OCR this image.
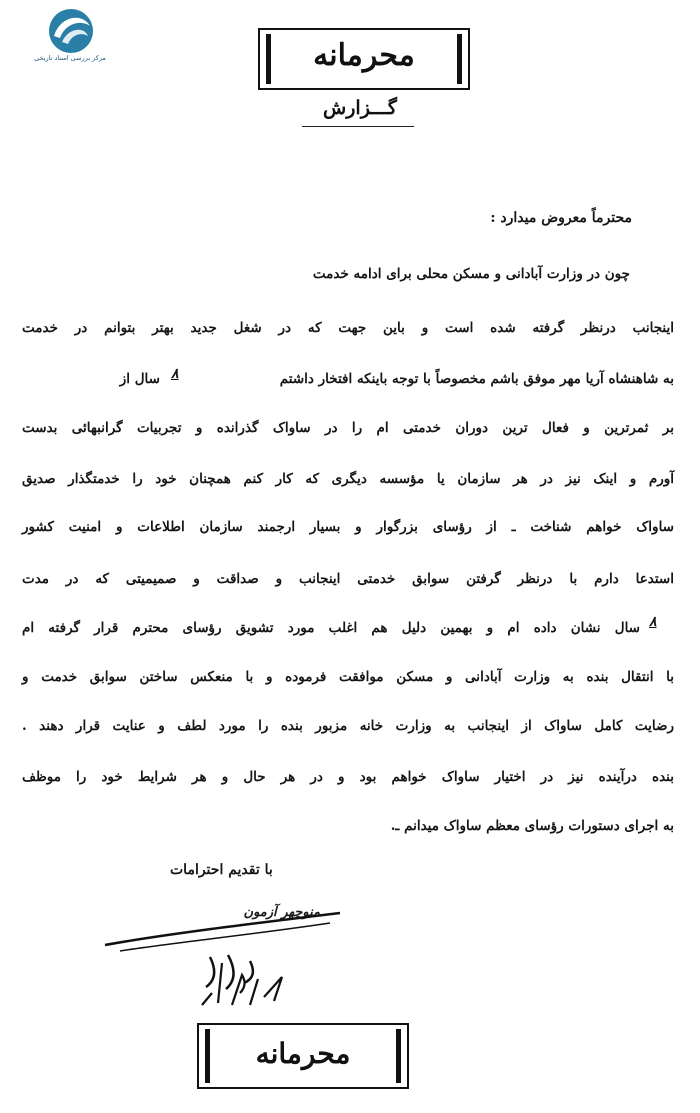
مرکز بررسی اسناد تاریخی	محرمانه
گـــزارش
محترماً معروض میدارد :
چون در وزارت آبادانی و مسکن محلی برای ادامه خدمت
اینجانب درنظر گرفته شده است و باین جهت که در شغل جدید بهتر بتوانم در خدمت
به شاهنشاه آریا مهر موفق باشم مخصوصاً با توجه باینکه افتخار داشتم
۸
سال از
بر ثمرترین و فعال ترین دوران خدمتی ام را در ساواک گذرانده و تجربیات گرانبهائی بدست
آورم و اینک نیز در هر سازمان یا مؤسسه دیگری که کار کنم همچنان خود را خدمتگذار صدیق
ساواک خواهم شناخت ـ از رؤسای بزرگوار و بسیار ارجمند سازمان اطلاعات و امنیت کشور
استدعا دارم با درنظر گرفتن سوابق خدمتی اینجانب و صداقت و صمیمیتی که در مدت
۸
سال نشان داده ام و بهمین دلیل هم اغلب مورد تشویق رؤسای محترم قرار گرفته ام
با انتقال بنده به وزارت آبادانی و مسکن موافقت فرموده و با منعکس ساختن سوابق خدمت و
رضایت کامل ساواک از اینجانب به وزارت خانه مزبور بنده را مورد لطف و عنایت قرار دهند .
بنده درآینده نیز در اختیار ساواک خواهم بود و در هر حال و هر شرایط خود را موظف
به اجرای دستورات رؤسای معظم ساواک میدانم ـ.
با تقدیم احترامات
منوچهر آزمون
محرمانه
